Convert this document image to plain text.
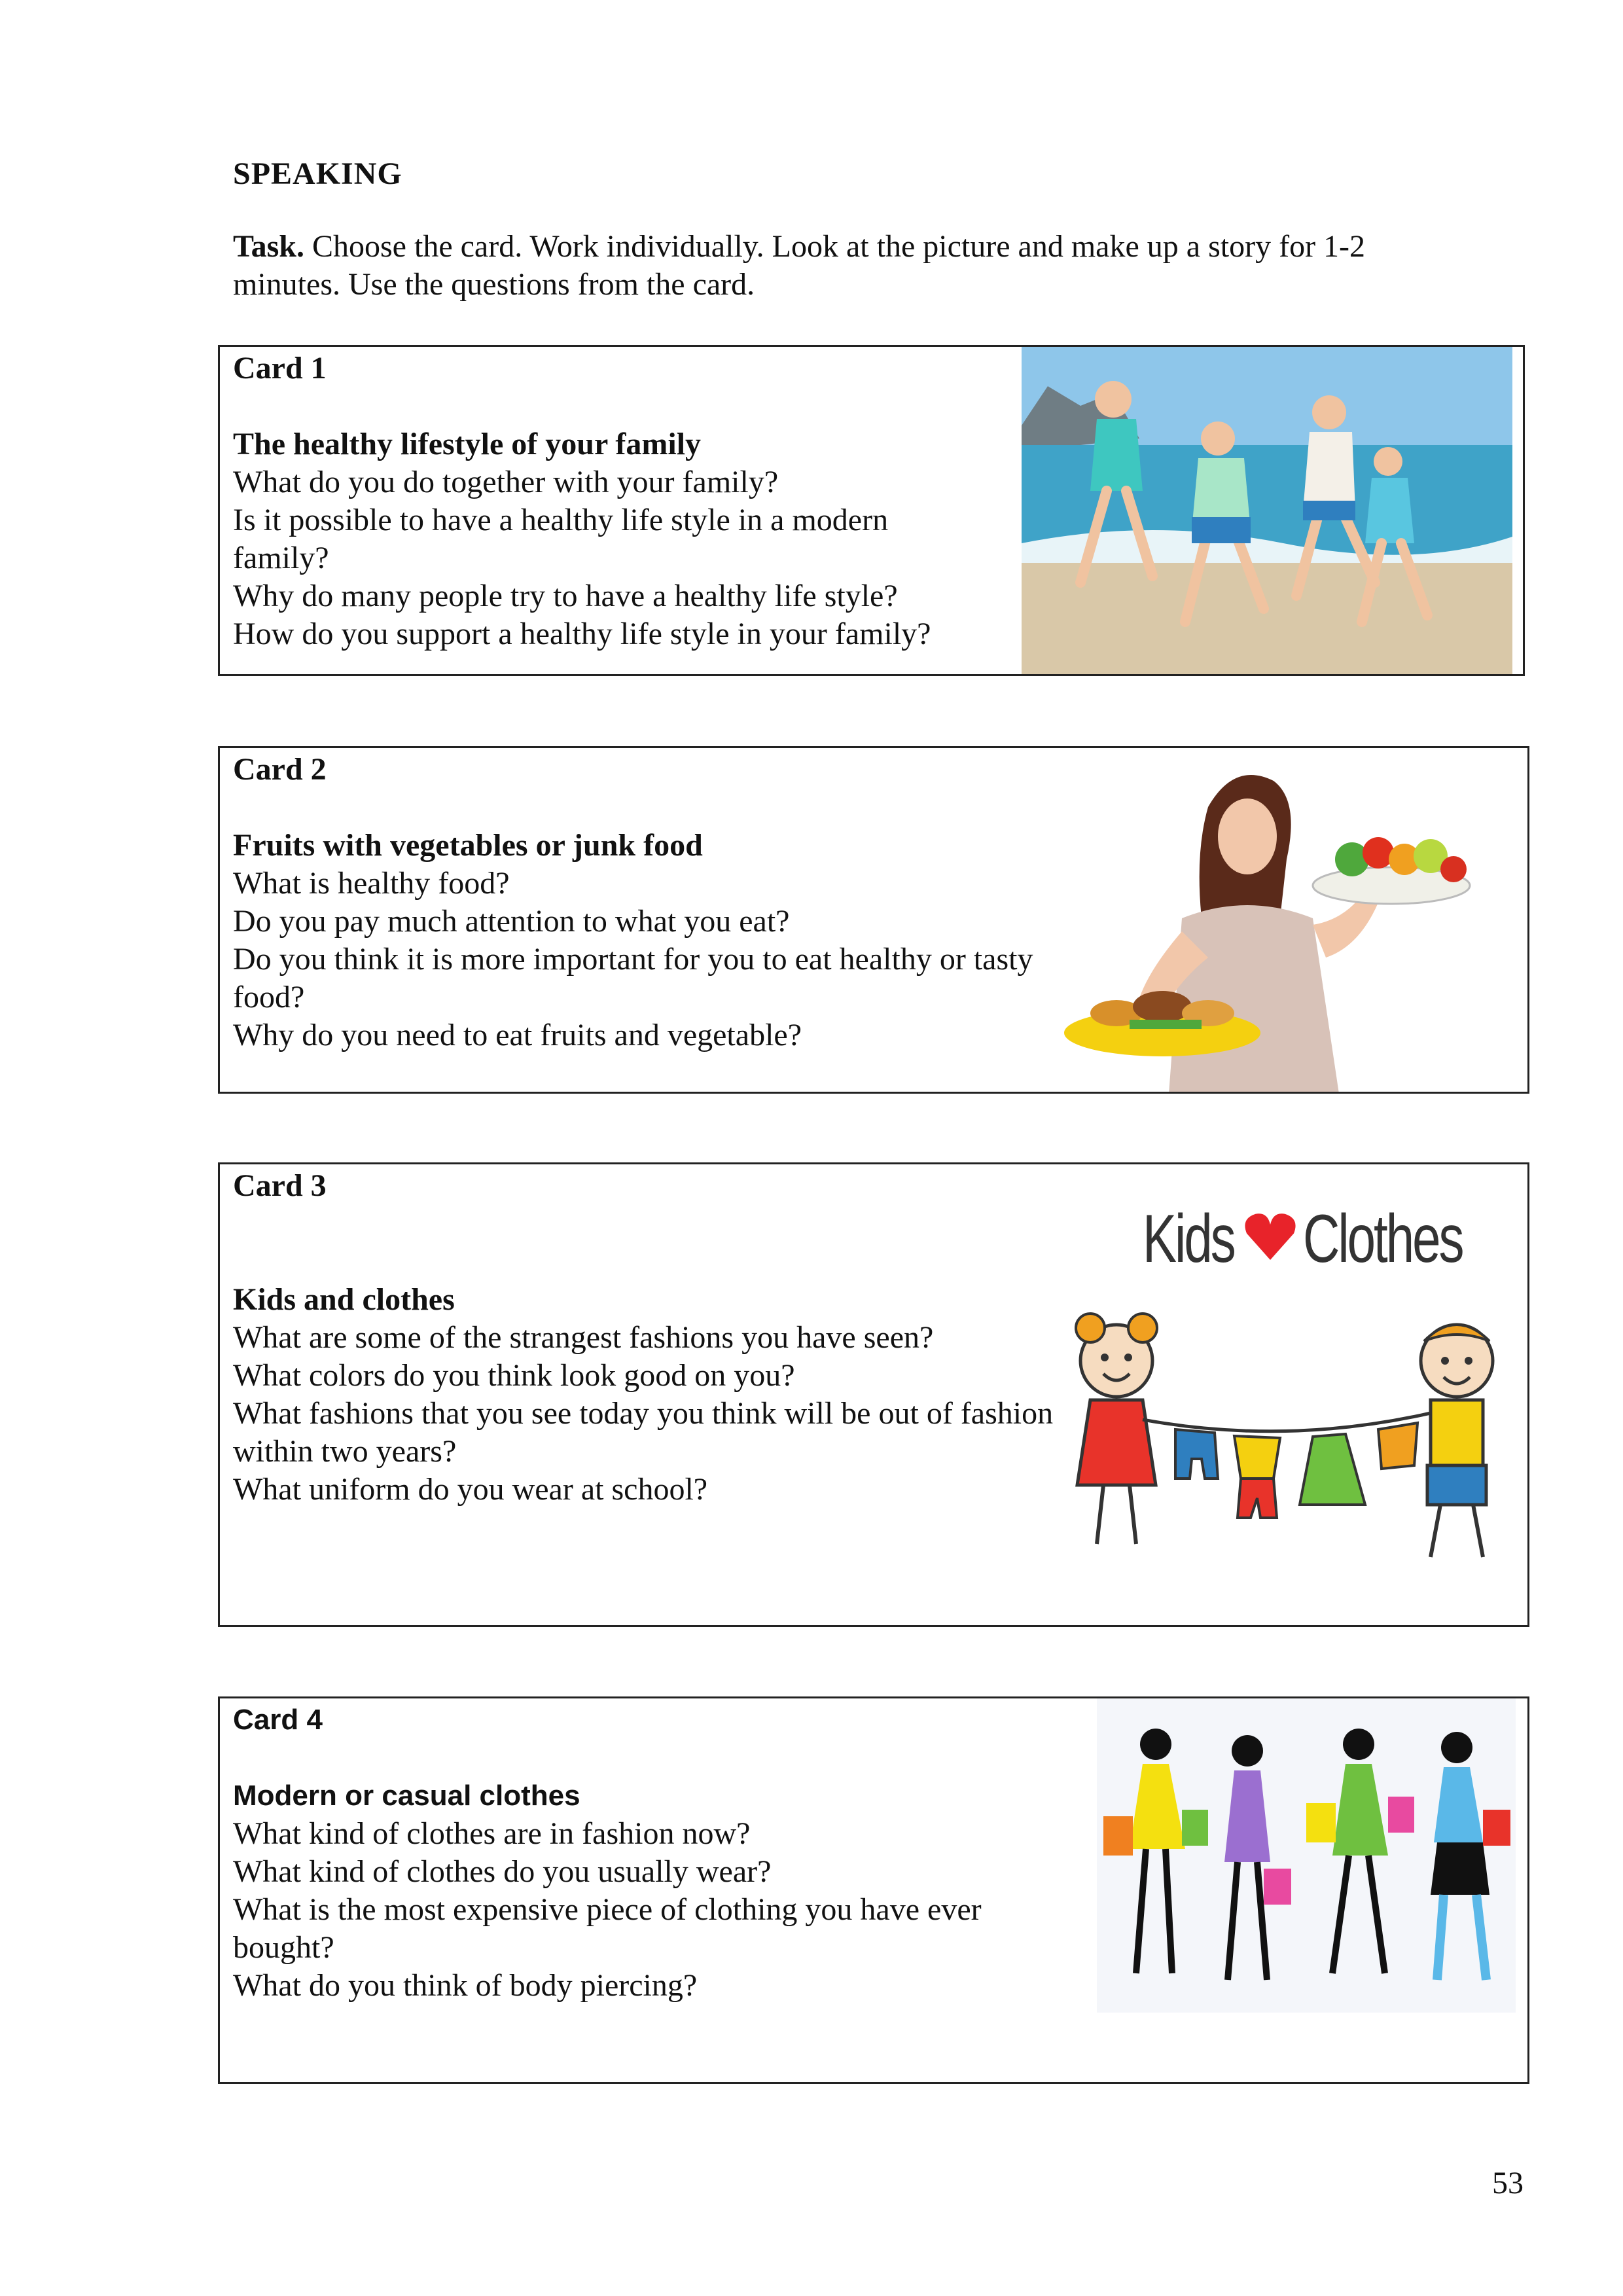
SPEAKING
Task. Choose the card. Work individually. Look at the picture and make up a story for 1-2 minutes. Use the questions from the card.
Card 1
The healthy lifestyle of your family
What do you do together with your family?
Is it possible to have a healthy life style in a modern family?
Why do many people try to have a healthy life style?
How do you support a healthy life style in your family?
Card 2
Fruits with vegetables or junk food
What is healthy food?
Do you pay much attention to what you eat?
Do you think it is more important for you to eat healthy or tasty food?
Why do you need to eat fruits and vegetable?
Card 3
Kids and clothes
What are some of the strangest fashions you have seen?
What colors do you think look good on you?
What fashions that you see today you think will be out of fashion within two years?
What uniform do you wear at school?
Kids Clothes
Card 4
Modern or casual clothes
What kind of clothes are in fashion now?
What kind of clothes do you usually wear?
What is the most expensive piece of clothing you have ever bought?
What do you think of body piercing?
53
